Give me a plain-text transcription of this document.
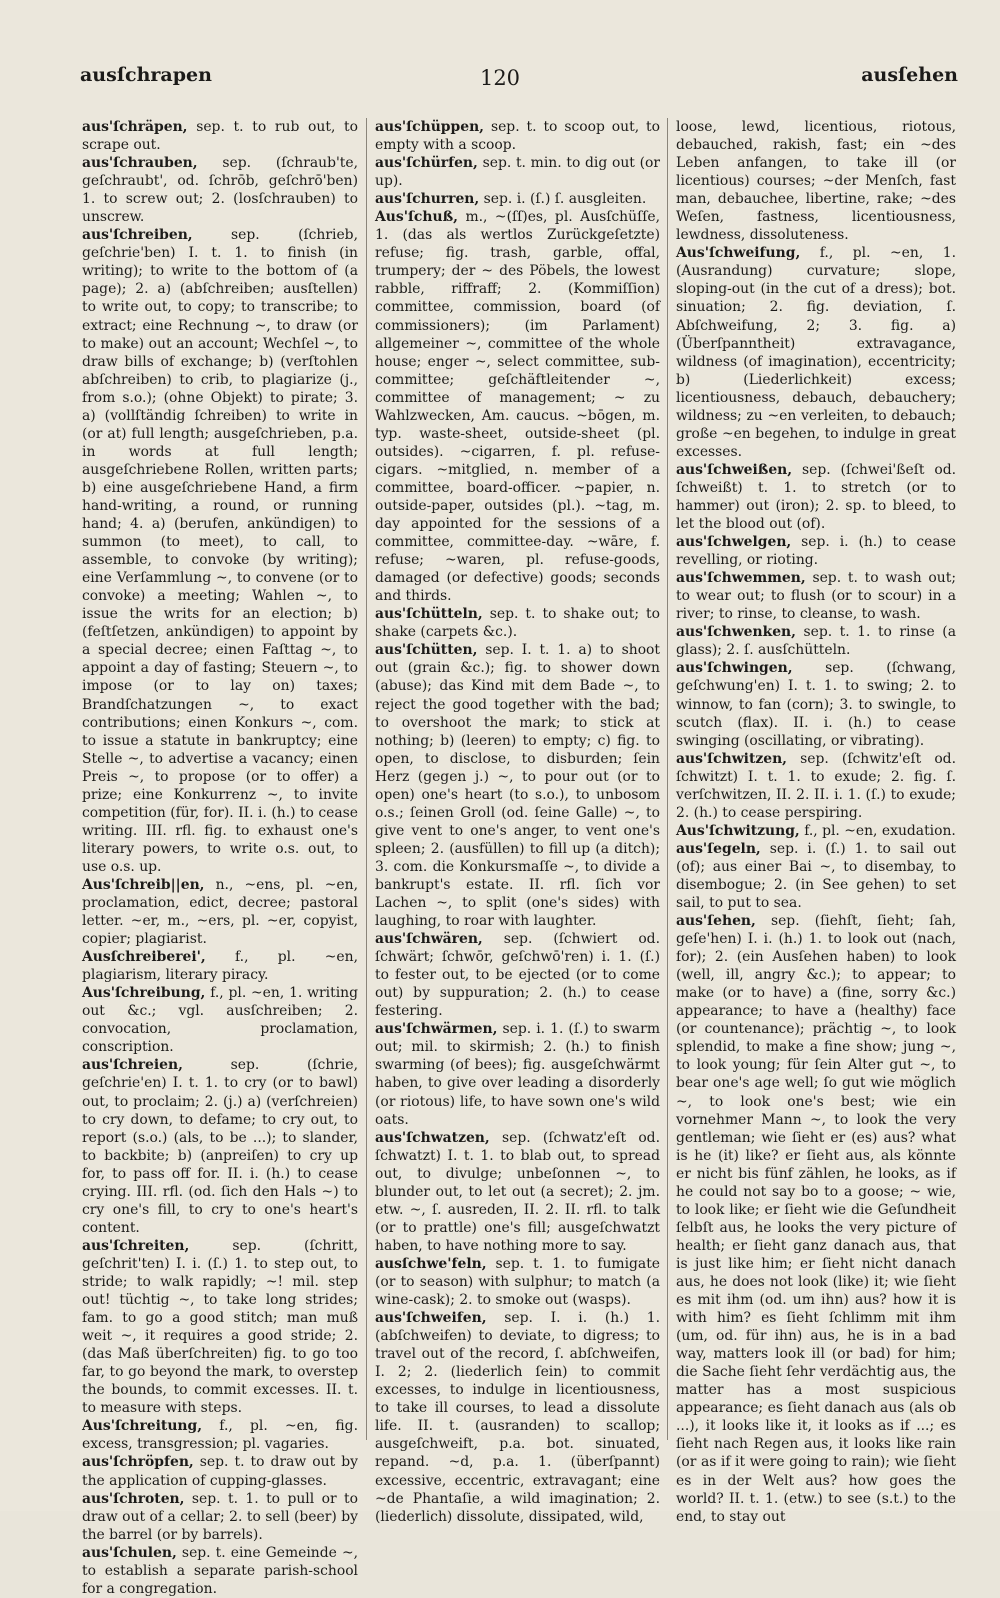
ausſchrapen	120	ausſehen

aus'ſchräpen, sep. t. to rub out, to scrape out.

aus'ſchrauben, sep. (ſchraub'te, geſchraubt', od. ſchrōb, geſchrō'ben) 1. to screw out; 2. (losſchrauben) to unscrew.

aus'ſchreiben, sep. (ſchrieb, geſchrie'ben) I. t. 1. to finish (in writing); to write to the bottom of (a page); 2. a) (abſchreiben; ausſtellen) to write out, to copy; to transcribe; to extract; eine Rechnung ~, to draw (or to make) out an account; Wechſel ~, to draw bills of exchange; b) (verſtohlen abſchreiben) to crib, to plagiarize (j., from s.o.); (ohne Objekt) to pirate; 3. a) (vollſtändig ſchreiben) to write in (or at) full length; ausgeſchrieben, p.a. in words at full length; ausgeſchriebene Rollen, written parts; b) eine ausgeſchriebene Hand, a firm hand-writing, a round, or running hand; 4. a) (berufen, ankündigen) to summon (to meet), to call, to assemble, to convoke (by writing); eine Verſammlung ~, to convene (or to convoke) a meeting; Wahlen ~, to issue the writs for an election; b) (feſtſetzen, ankündigen) to appoint by a special decree; einen Faſttag ~, to appoint a day of fasting; Steuern ~, to impose (or to lay on) taxes; Brandſchatzungen ~, to exact contributions; einen Konkurs ~, com. to issue a statute in bankruptcy; eine Stelle ~, to advertise a vacancy; einen Preis ~, to propose (or to offer) a prize; eine Konkurrenz ~, to invite competition (für, for). II. i. (h.) to cease writing. III. rfl. fig. to exhaust one's literary powers, to write o.s. out, to use o.s. up.

Aus'ſchreib||en, n., ~ens, pl. ~en, proclamation, edict, decree; pastoral letter. ~er, m., ~ers, pl. ~er, copyist, copier; plagiarist.

Ausſchreiberei', f., pl. ~en, plagiarism, literary piracy.

Aus'ſchreibung, f., pl. ~en, 1. writing out &c.; vgl. ausſchreiben; 2. convocation, proclamation, conscription.

aus'ſchreien, sep. (ſchrie, geſchrie'en) I. t. 1. to cry (or to bawl) out, to proclaim; 2. (j.) a) (verſchreien) to cry down, to defame; to cry out, to report (s.o.) (als, to be ...); to slander, to backbite; b) (anpreiſen) to cry up for, to pass off for. II. i. (h.) to cease crying. III. rfl. (od. ſich den Hals ~) to cry one's fill, to cry to one's heart's content.

aus'ſchreiten, sep. (ſchritt, geſchrit'ten) I. i. (ſ.) 1. to step out, to stride; to walk rapidly; ~! mil. step out! tüchtig ~, to take long strides; fam. to go a good stitch; man muß weit ~, it requires a good stride; 2. (das Maß überſchreiten) fig. to go too far, to go beyond the mark, to overstep the bounds, to commit excesses. II. t. to measure with steps.

Aus'ſchreitung, f., pl. ~en, fig. excess, transgression; pl. vagaries.

aus'ſchröpfen, sep. t. to draw out by the application of cupping-glasses.

aus'ſchroten, sep. t. 1. to pull or to draw out of a cellar; 2. to sell (beer) by the barrel (or by barrels).

aus'ſchulen, sep. t. eine Gemeinde ~, to establish a separate parish-school for a congregation.

aus'ſchüppen, sep. t. to scoop out, to empty with a scoop.

aus'ſchürfen, sep. t. min. to dig out (or up).

aus'ſchurren, sep. i. (ſ.) ſ. ausgleiten.

Aus'ſchuß, m., ~(ſſ)es, pl. Ausſchüſſe, 1. (das als wertlos Zurückgeſetzte) refuse; fig. trash, garble, offal, trumpery; der ~ des Pöbels, the lowest rabble, riffraff; 2. (Kommiſſion) committee, commission, board (of commissioners); (im Parlament) allgemeiner ~, committee of the whole house; enger ~, select committee, sub-committee; geſchäftleitender ~, committee of management; ~ zu Wahlzwecken, Am. caucus. ~bōgen, m. typ. waste-sheet, outside-sheet (pl. outsides). ~cigarren, f. pl. refuse-cigars. ~mitglied, n. member of a committee, board-officer. ~papier, n. outside-paper, outsides (pl.). ~tag, m. day appointed for the sessions of a committee, committee-day. ~wāre, f. refuse; ~waren, pl. refuse-goods, damaged (or defective) goods; seconds and thirds.

aus'ſchütteln, sep. t. to shake out; to shake (carpets &c.).

aus'ſchütten, sep. I. t. 1. a) to shoot out (grain &c.); fig. to shower down (abuse); das Kind mit dem Bade ~, to reject the good together with the bad; to overshoot the mark; to stick at nothing; b) (leeren) to empty; c) fig. to open, to disclose, to disburden; ſein Herz (gegen j.) ~, to pour out (or to open) one's heart (to s.o.), to unbosom o.s.; ſeinen Groll (od. ſeine Galle) ~, to give vent to one's anger, to vent one's spleen; 2. (ausfüllen) to fill up (a ditch); 3. com. die Konkursmaſſe ~, to divide a bankrupt's estate. II. rfl. ſich vor Lachen ~, to split (one's sides) with laughing, to roar with laughter.

aus'ſchwären, sep. (ſchwiert od. ſchwärt; ſchwōr, geſchwō'ren) i. 1. (ſ.) to fester out, to be ejected (or to come out) by suppuration; 2. (h.) to cease festering.

aus'ſchwärmen, sep. i. 1. (ſ.) to swarm out; mil. to skirmish; 2. (h.) to finish swarming (of bees); fig. ausgeſchwärmt haben, to give over leading a disorderly (or riotous) life, to have sown one's wild oats.

aus'ſchwatzen, sep. (ſchwatz'eſt od. ſchwatzt) I. t. 1. to blab out, to spread out, to divulge; unbeſonnen ~, to blunder out, to let out (a secret); 2. jm. etw. ~, ſ. ausreden, II. 2. II. rfl. to talk (or to prattle) one's fill; ausgeſchwatzt haben, to have nothing more to say.

ausſchwe'feln, sep. t. 1. to fumigate (or to season) with sulphur; to match (a wine-cask); 2. to smoke out (wasps).

aus'ſchweifen, sep. I. i. (h.) 1. (abſchweifen) to deviate, to digress; to travel out of the record, ſ. abſchweifen, I. 2; 2. (liederlich ſein) to commit excesses, to indulge in licentiousness, to take ill courses, to lead a dissolute life. II. t. (ausranden) to scallop; ausgeſchweift, p.a. bot. sinuated, repand. ~d, p.a. 1. (überſpannt) excessive, eccentric, extravagant; eine ~de Phantaſie, a wild imagination; 2. (liederlich) dissolute, dissipated, wild,

loose, lewd, licentious, riotous, debauched, rakish, fast; ein ~des Leben anfangen, to take ill (or licentious) courses; ~der Menſch, fast man, debauchee, libertine, rake; ~des Weſen, fastness, licentiousness, lewdness, dissoluteness.

Aus'ſchweifung, f., pl. ~en, 1. (Ausrandung) curvature; slope, sloping-out (in the cut of a dress); bot. sinuation; 2. fig. deviation, ſ. Abſchweifung, 2; 3. fig. a) (Überſpanntheit) extravagance, wildness (of imagination), eccentricity; b) (Liederlichkeit) excess; licentiousness, debauch, debauchery; wildness; zu ~en verleiten, to debauch; große ~en begehen, to indulge in great excesses.

aus'ſchweißen, sep. (ſchwei'ßeſt od. ſchweißt) t. 1. to stretch (or to hammer) out (iron); 2. sp. to bleed, to let the blood out (of).

aus'ſchwelgen, sep. i. (h.) to cease revelling, or rioting.

aus'ſchwemmen, sep. t. to wash out; to wear out; to flush (or to scour) in a river; to rinse, to cleanse, to wash.

aus'ſchwenken, sep. t. 1. to rinse (a glass); 2. ſ. ausſchütteln.

aus'ſchwingen, sep. (ſchwang, geſchwung'en) I. t. 1. to swing; 2. to winnow, to fan (corn); 3. to swingle, to scutch (flax). II. i. (h.) to cease swinging (oscillating, or vibrating).

aus'ſchwitzen, sep. (ſchwitz'eſt od. ſchwitzt) I. t. 1. to exude; 2. fig. ſ. verſchwitzen, II. 2. II. i. 1. (ſ.) to exude; 2. (h.) to cease perspiring.

Aus'ſchwitzung, f., pl. ~en, exudation.

aus'ſegeln, sep. i. (ſ.) 1. to sail out (of); aus einer Bai ~, to disembay, to disembogue; 2. (in See gehen) to set sail, to put to sea.

aus'ſehen, sep. (ſiehſt, ſieht; ſah, geſe'hen) I. i. (h.) 1. to look out (nach, for); 2. (ein Ausſehen haben) to look (well, ill, angry &c.); to appear; to make (or to have) a (fine, sorry &c.) appearance; to have a (healthy) face (or countenance); prächtig ~, to look splendid, to make a fine show; jung ~, to look young; für ſein Alter gut ~, to bear one's age well; ſo gut wie möglich ~, to look one's best; wie ein vornehmer Mann ~, to look the very gentleman; wie ſieht er (es) aus? what is he (it) like? er ſieht aus, als könnte er nicht bis fünf zählen, he looks, as if he could not say bo to a goose; ~ wie, to look like; er ſieht wie die Geſundheit ſelbſt aus, he looks the very picture of health; er ſieht ganz danach aus, that is just like him; er ſieht nicht danach aus, he does not look (like) it; wie ſieht es mit ihm (od. um ihn) aus? how it is with him? es ſieht ſchlimm mit ihm (um, od. für ihn) aus, he is in a bad way, matters look ill (or bad) for him; die Sache ſieht ſehr verdächtig aus, the matter has a most suspicious appearance; es ſieht danach aus (als ob ...), it looks like it, it looks as if ...; es ſieht nach Regen aus, it looks like rain (or as if it were going to rain); wie ſieht es in der Welt aus? how goes the world? II. t. 1. (etw.) to see (s.t.) to the end, to stay out
